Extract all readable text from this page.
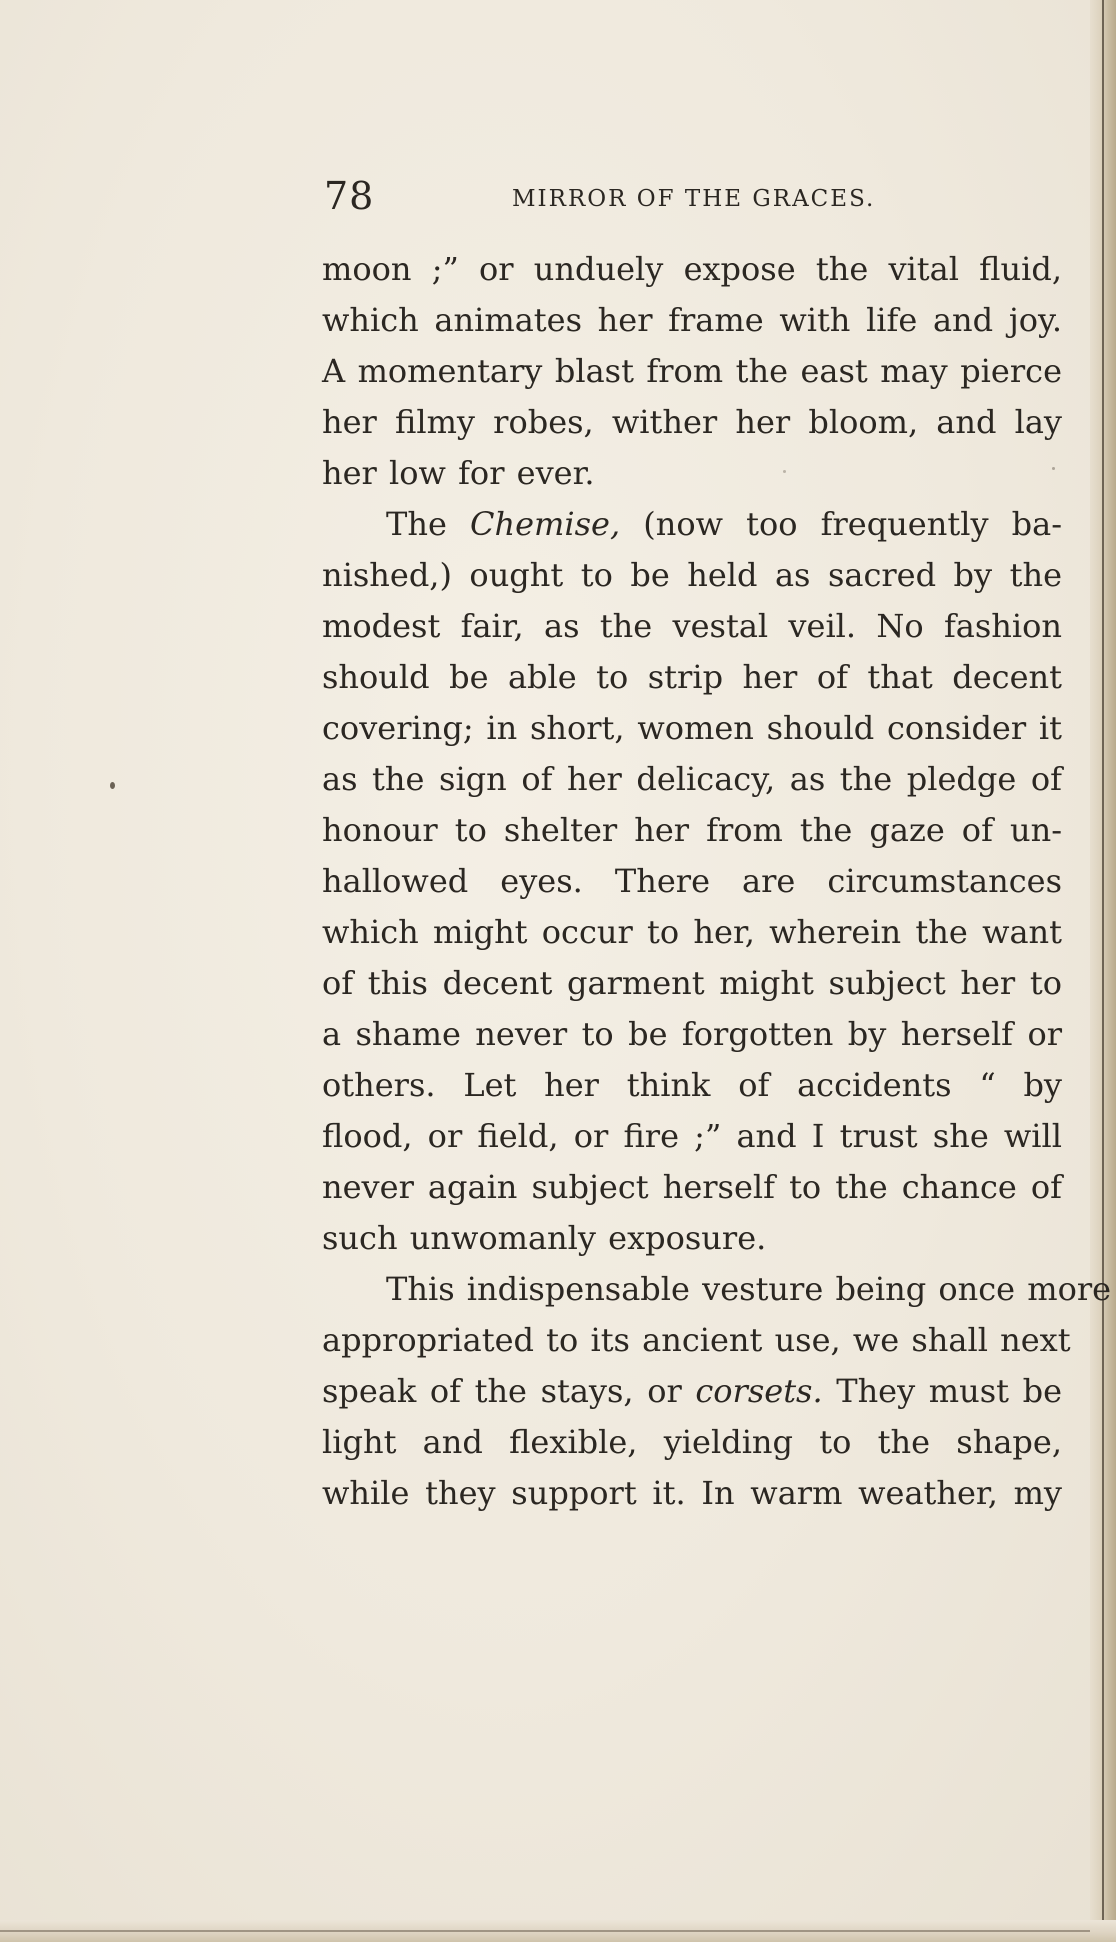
78	MIRROR OF THE GRACES.
moon ;” or unduely expose the vital fluid,
which animates her frame with life and joy.
A momentary blast from the east may pierce
her filmy robes, wither her bloom, and lay
her low for ever.
The Chemise, (now too frequently ba-
nished,) ought to be held as sacred by the
modest fair, as the vestal veil. No fashion
should be able to strip her of that decent
covering; in short, women should consider it
as the sign of her delicacy, as the pledge of
honour to shelter her from the gaze of un-
hallowed eyes. There are circumstances
which might occur to her, wherein the want
of this decent garment might subject her to
a shame never to be forgotten by herself or
others. Let her think of accidents “ by
flood, or field, or fire ;” and I trust she will
never again subject herself to the chance of
such unwomanly exposure.
This indispensable vesture being once more
appropriated to its ancient use, we shall next
speak of the stays, or corsets. They must be
light and flexible, yielding to the shape,
while they support it. In warm weather, my
